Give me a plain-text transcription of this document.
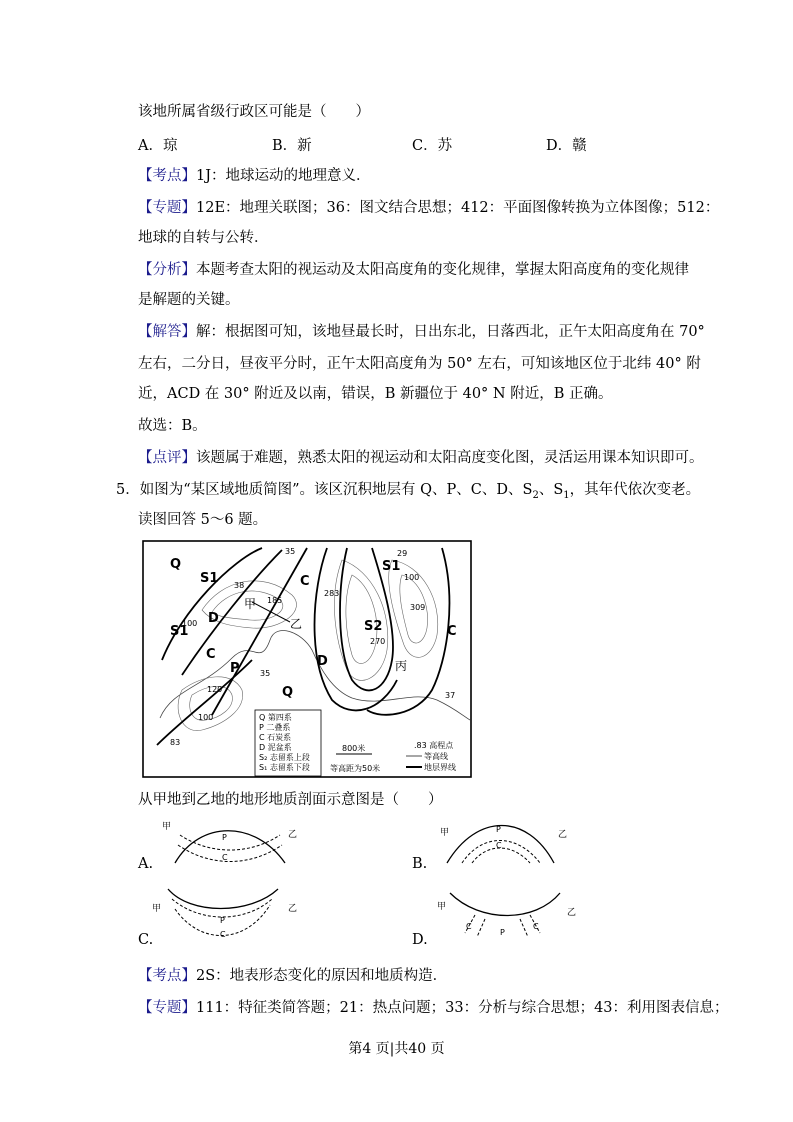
该地所属省级行政区可能是（　　）
A．琼	B．新	C．苏	D．赣
【考点】1J：地球运动的地理意义．
【专题】12E：地理关联图；36：图文结合思想；412：平面图像转换为立体图像；512：
地球的自转与公转．
【分析】本题考查太阳的视运动及太阳高度角的变化规律，掌握太阳高度角的变化规律
是解题的关键。
【解答】解：根据图可知，该地昼最长时，日出东北，日落西北，正午太阳高度角在 70°
左右，二分日，昼夜平分时，正午太阳高度角为 50° 左右，可知该地区位于北纬 40° 附
近，ACD 在 30° 附近及以南，错误，B 新疆位于 40° N 附近，B 正确。
故选：B。
【点评】该题属于难题，熟悉太阳的视运动和太阳高度变化图，灵活运用课本知识即可。
5．如图为“某区域地质简图”。该区沉积地层有 Q、P、C、D、$S_2$、$S_1$，其年代依次变老。
读图回答 5～6 题。
Q
S1
S1
D
C
P
S1
C
S2
D
C
Q
甲
乙
丙
35
38
185
283
270
309
29
35
120
100
83
37
100
100
Q 第四系
P 二叠系
C 石炭系
D 泥盆系
S₂ 志留系上段
S₁ 志留系下段
800米
等高距为50米
.83 高程点
等高线
地层界线
从甲地到乙地的地形地质剖面示意图是（　　）
A.
甲
乙
P
C	B.
甲	乙
P
C
C.
甲	乙
P
C	D.
甲
乙
C
P
C
【考点】2S：地表形态变化的原因和地质构造．
【专题】111：特征类简答题；21：热点问题；33：分析与综合思想；43：利用图表信息；
第4 页|共40 页
